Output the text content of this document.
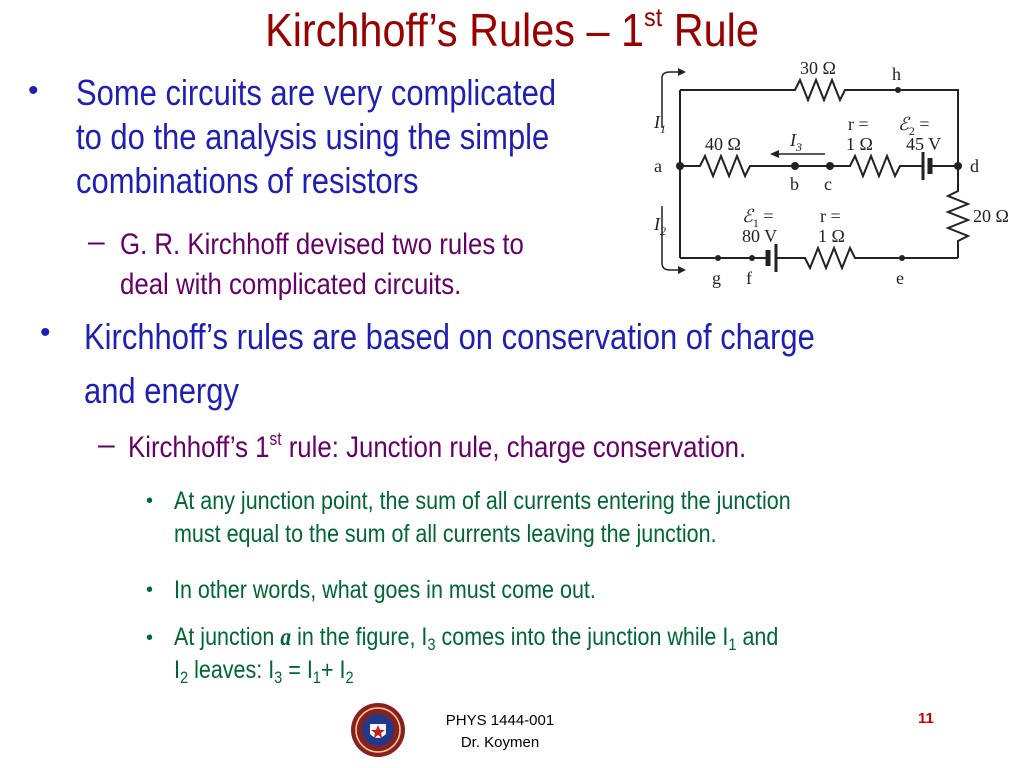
Kirchhoff’s Rules – 1st Rule
• Some circuits are very complicated
to do the analysis using the simple
combinations of resistors
– G. R. Kirchhoff devised two rules to
deal with complicated circuits.
30 Ω	h
40 Ω	$I_3$
r =
1 Ω
ℰ$_2$ =
45 V
a
b c
d
$I_1$
$I_2$
20 Ω
ℰ$_1$ =
80 V
r =
1 Ω
g f	e
• Kirchhoff’s rules are based on conservation of charge
and energy
– Kirchhoff’s 1st rule: Junction rule, charge conservation.
• At any junction point, the sum of all currents entering the junction
must equal to the sum of all currents leaving the junction.
• In other words, what goes in must come out.
• At junction a in the figure, $I_3$ comes into the junction while $I_1$ and
$I_2$ leaves: $I_3 = I_1+ I_2$
PHYS 1444-001
Dr. Koymen
11
